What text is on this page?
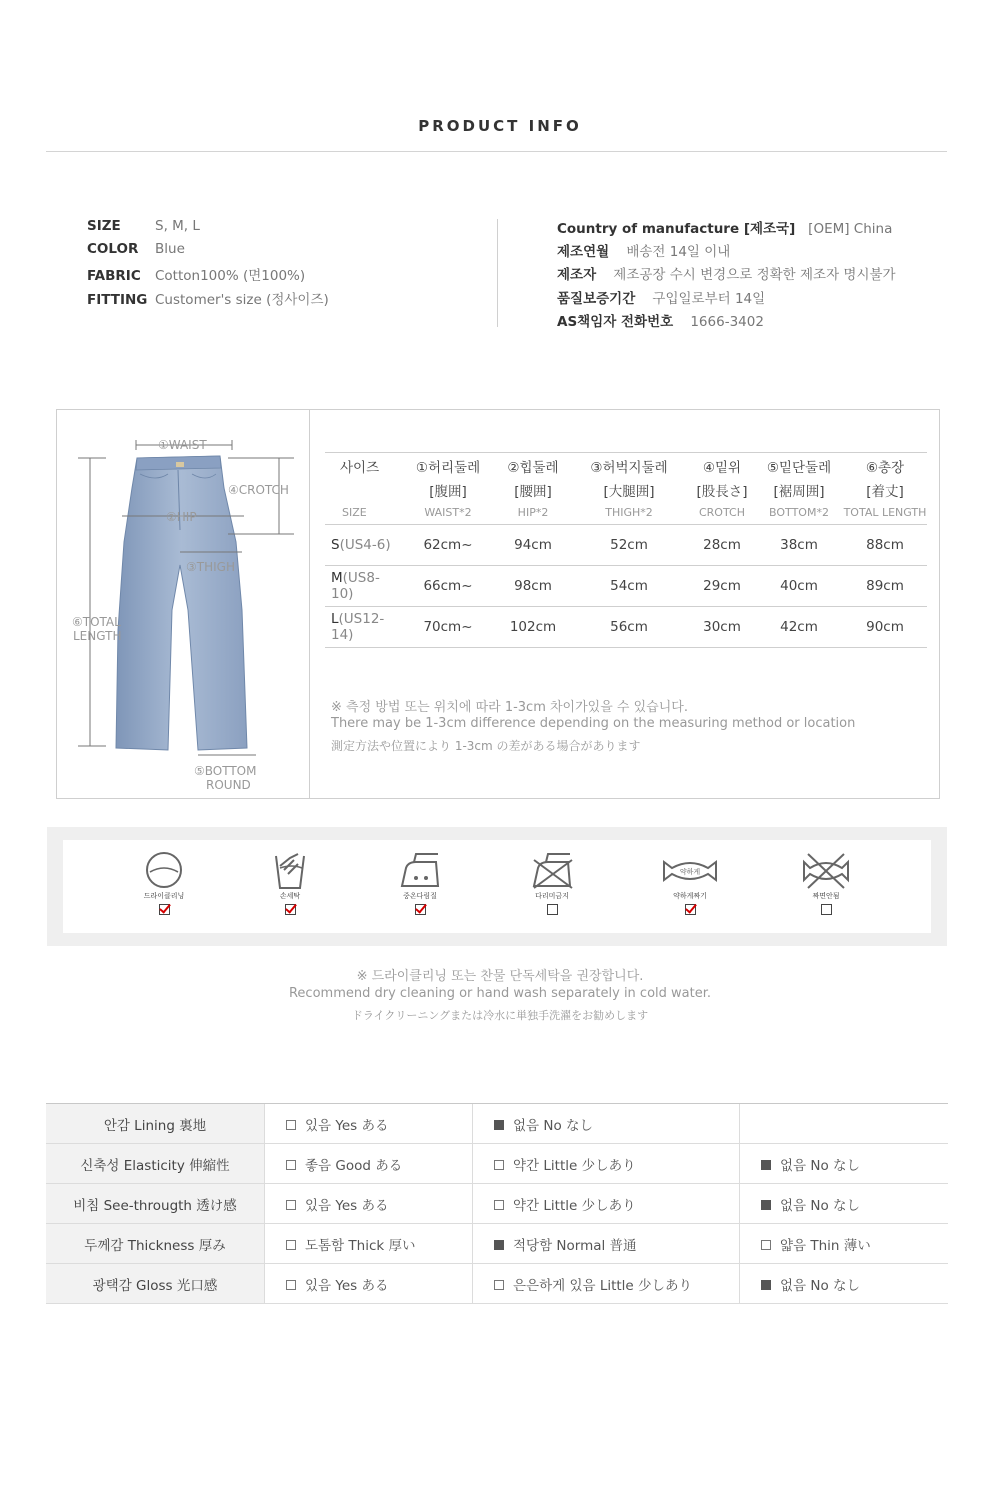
PRODUCT INFO
SIZE	S, M, L
COLOR Blue
FABRIC Cotton100% (면100%)
FITTING Customer's size (정사이즈)
Country of manufacture [제조국] [OEM] China
제조연월 배송전 14일 이내
제조자 제조공장 수시 변경으로 정확한 제조자 명시불가
품질보증기간 구입일로부터 14일
AS책임자 전화번호 1666-3402
①WAIST
④CROTCH
②HIP
③THIGH
⑥TOTAL
LENGTH
⑤BOTTOM
ROUND
사이즈	①허리둘레	②힙둘레	③허벅지둘레	④밑위	⑤밑단둘레	⑥총장
	[腹囲]	[腰囲]	[大腿囲]	[股長さ]	[裾周囲]	[着丈]
SIZE	WAIST*2	HIP*2	THIGH*2	CROTCH	BOTTOM*2	TOTAL LENGTH
S(US4-6)	62cm~	94cm	52cm	28cm	38cm	88cm
M(US8-10)	66cm~	98cm	54cm	29cm	40cm	89cm
L(US12-14)	70cm~	102cm	56cm	30cm	42cm	90cm
※ 측정 방법 또는 위치에 따라 1-3cm 차이가있을 수 있습니다.
There may be 1-3cm difference depending on the measuring method or location
測定方法や位置により 1-3cm の差がある場合があります
드라이클리닝	손세탁	중온다림질	다리미금지
약하게
약하게짜기	짜면안됨
※ 드라이클리닝 또는 찬물 단독세탁을 권장합니다.
Recommend dry cleaning or hand wash separately in cold water.
ドライクリーニングまたは冷水に単独手洗濯をお勧めします
안감 Lining 裏地	있음 Yes ある	없음 No なし	
신축성 Elasticity 伸縮性	좋음 Good ある	약간 Little 少しあり	없음 No なし
비침 See-througth 透け感	있음 Yes ある	약간 Little 少しあり	없음 No なし
두께감 Thickness 厚み	도톰함 Thick 厚い	적당함 Normal 普通	얇음 Thin 薄い
광택감 Gloss 光口感	있음 Yes ある	은은하게 있음 Little 少しあり	없음 No なし
